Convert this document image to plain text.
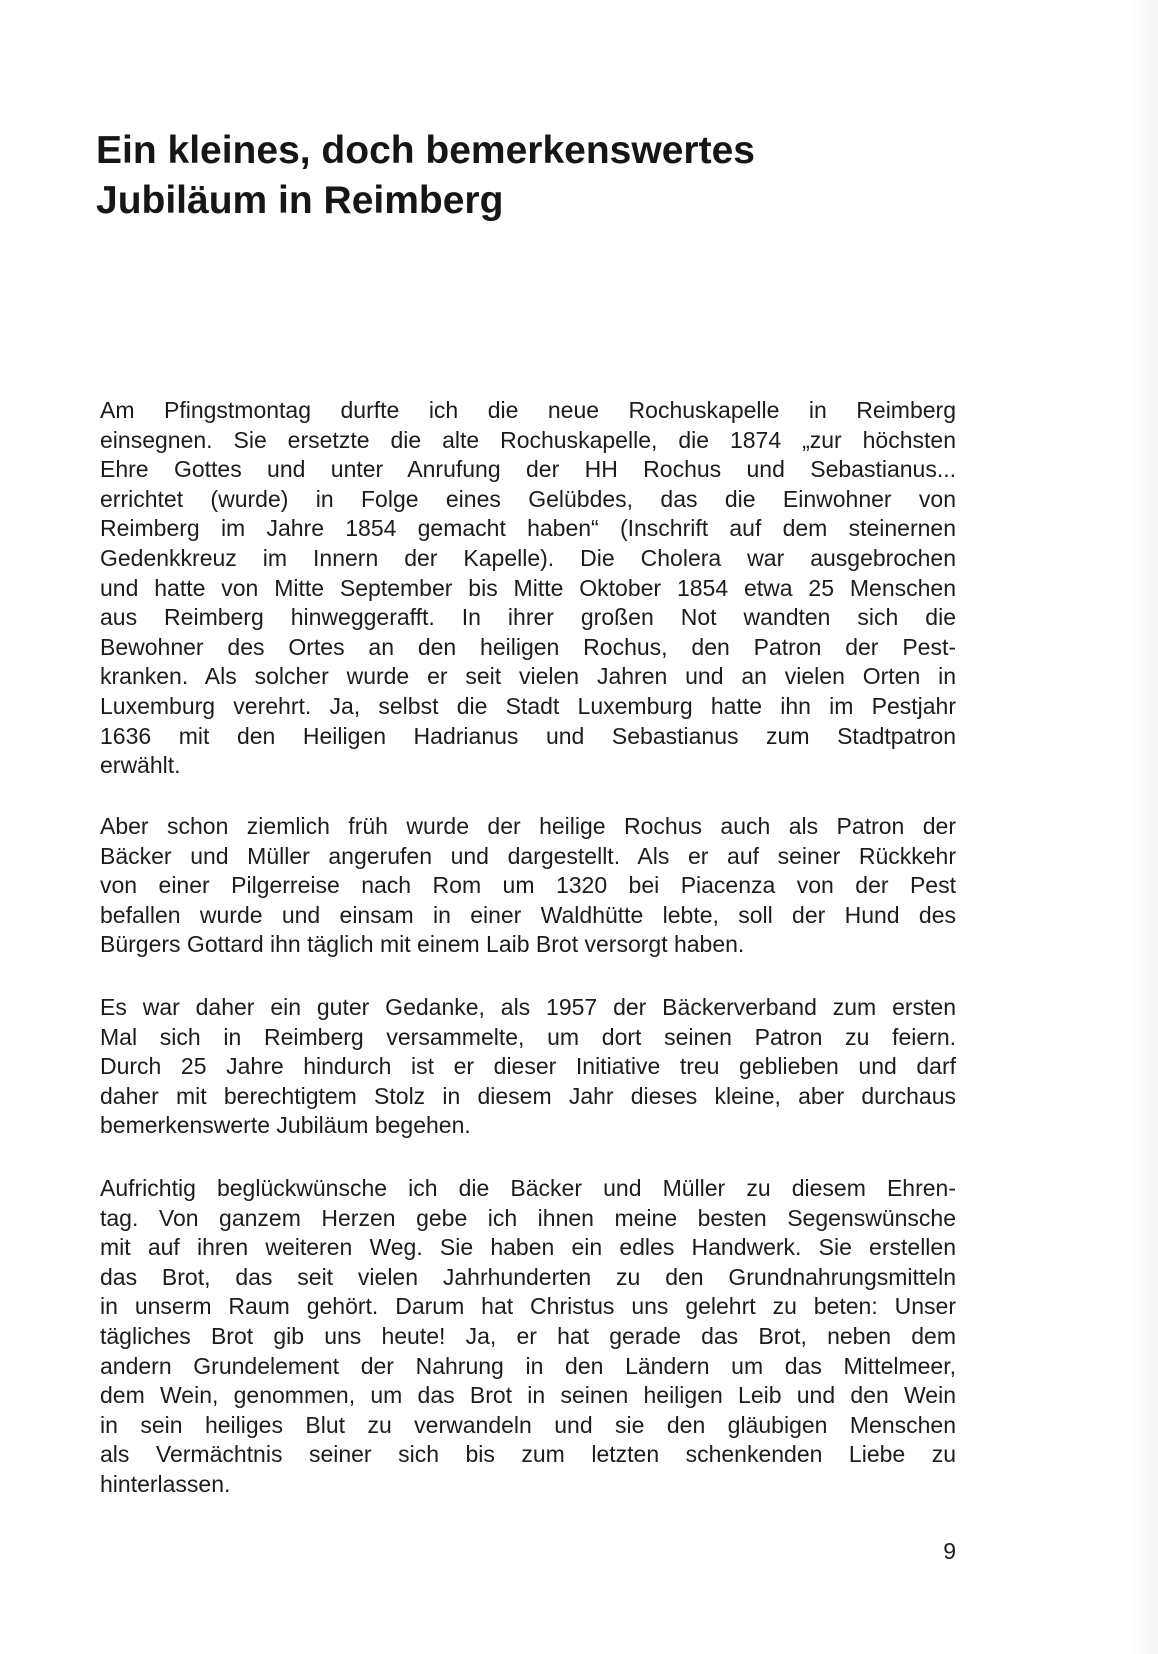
Ein kleines, doch bemerkenswertes
Jubiläum in Reimberg
Am Pfingstmontag durfte ich die neue Rochuskapelle in Reimberg
einsegnen. Sie ersetzte die alte Rochuskapelle, die 1874 „zur höchsten
Ehre Gottes und unter Anrufung der HH Rochus und Sebastianus...
errichtet (wurde) in Folge eines Gelübdes, das die Einwohner von
Reimberg im Jahre 1854 gemacht haben“ (Inschrift auf dem steinernen
Gedenkkreuz im Innern der Kapelle). Die Cholera war ausgebrochen
und hatte von Mitte September bis Mitte Oktober 1854 etwa 25 Menschen
aus Reimberg hinweggerafft. In ihrer großen Not wandten sich die
Bewohner des Ortes an den heiligen Rochus, den Patron der Pest-
kranken. Als solcher wurde er seit vielen Jahren und an vielen Orten in
Luxemburg verehrt. Ja, selbst die Stadt Luxemburg hatte ihn im Pestjahr
1636 mit den Heiligen Hadrianus und Sebastianus zum Stadtpatron
erwählt.
Aber schon ziemlich früh wurde der heilige Rochus auch als Patron der
Bäcker und Müller angerufen und dargestellt. Als er auf seiner Rückkehr
von einer Pilgerreise nach Rom um 1320 bei Piacenza von der Pest
befallen wurde und einsam in einer Waldhütte lebte, soll der Hund des
Bürgers Gottard ihn täglich mit einem Laib Brot versorgt haben.
Es war daher ein guter Gedanke, als 1957 der Bäckerverband zum ersten
Mal sich in Reimberg versammelte, um dort seinen Patron zu feiern.
Durch 25 Jahre hindurch ist er dieser Initiative treu geblieben und darf
daher mit berechtigtem Stolz in diesem Jahr dieses kleine, aber durchaus
bemerkenswerte Jubiläum begehen.
Aufrichtig beglückwünsche ich die Bäcker und Müller zu diesem Ehren-
tag. Von ganzem Herzen gebe ich ihnen meine besten Segenswünsche
mit auf ihren weiteren Weg. Sie haben ein edles Handwerk. Sie erstellen
das Brot, das seit vielen Jahrhunderten zu den Grundnahrungsmitteln
in unserm Raum gehört. Darum hat Christus uns gelehrt zu beten: Unser
tägliches Brot gib uns heute! Ja, er hat gerade das Brot, neben dem
andern Grundelement der Nahrung in den Ländern um das Mittelmeer,
dem Wein, genommen, um das Brot in seinen heiligen Leib und den Wein
in sein heiliges Blut zu verwandeln und sie den gläubigen Menschen
als Vermächtnis seiner sich bis zum letzten schenkenden Liebe zu
hinterlassen.
9
